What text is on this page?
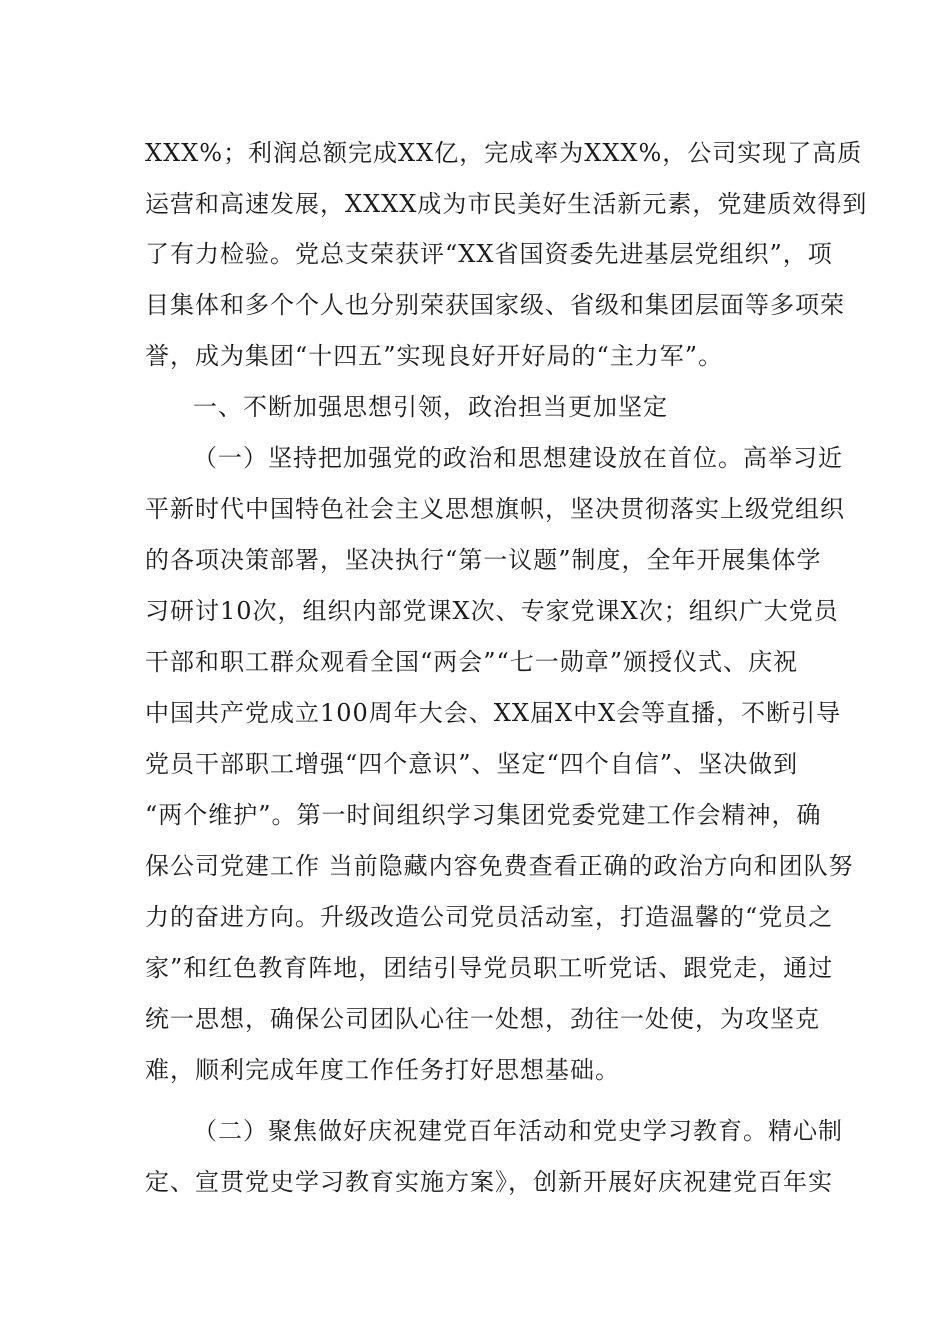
XXX%；利润总额完成XX亿，完成率为XXX%，公司实现了高质
运营和高速发展，XXXX成为市民美好生活新元素，党建质效得到
了有力检验。党总支荣获评“XX省国资委先进基层党组织”，项
目集体和多个个人也分别荣获国家级、省级和集团层面等多项荣
誉，成为集团“十四五”实现良好开好局的“主力军”。
一、不断加强思想引领，政治担当更加坚定
（一）坚持把加强党的政治和思想建设放在首位。高举习近
平新时代中国特色社会主义思想旗帜，坚决贯彻落实上级党组织
的各项决策部署，坚决执行“第一议题”制度，全年开展集体学
习研讨10次，组织内部党课X次、专家党课X次；组织广大党员
干部和职工群众观看全国“两会”“七一勋章”颁授仪式、庆祝
中国共产党成立100周年大会、XX届X中X会等直播，不断引导
党员干部职工增强“四个意识”、坚定“四个自信”、坚决做到
“两个维护”。第一时间组织学习集团党委党建工作会精神，确
保公司党建工作 当前隐藏内容免费查看正确的政治方向和团队努
力的奋进方向。升级改造公司党员活动室，打造温馨的“党员之
家”和红色教育阵地，团结引导党员职工听党话、跟党走，通过
统一思想，确保公司团队心往一处想，劲往一处使，为攻坚克
难，顺利完成年度工作任务打好思想基础。
（二）聚焦做好庆祝建党百年活动和党史学习教育。精心制
定、宣贯党史学习教育实施方案》，创新开展好庆祝建党百年实
